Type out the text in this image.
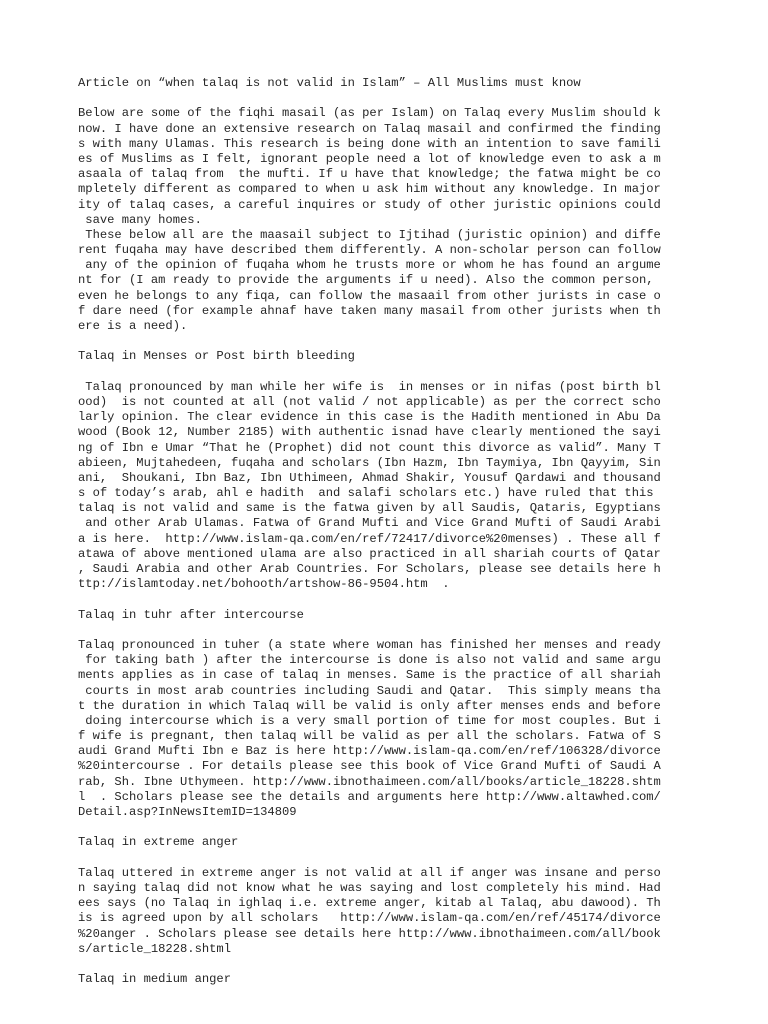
Article on “when talaq is not valid in Islam” – All Muslims must know
Below are some of the fiqhi masail (as per Islam) on Talaq every Muslim should k
now. I have done an extensive research on Talaq masail and confirmed the finding
s with many Ulamas. This research is being done with an intention to save famili
es of Muslims as I felt, ignorant people need a lot of knowledge even to ask a m
asaala of talaq from  the mufti. If u have that knowledge; the fatwa might be co
mpletely different as compared to when u ask him without any knowledge. In major
ity of talaq cases, a careful inquires or study of other juristic opinions could
save many homes.
These below all are the maasail subject to Ijtihad (juristic opinion) and diffe
rent fuqaha may have described them differently. A non-scholar person can follow
any of the opinion of fuqaha whom he trusts more or whom he has found an argume
nt for (I am ready to provide the arguments if u need). Also the common person,
even he belongs to any fiqa, can follow the masaail from other jurists in case o
f dare need (for example ahnaf have taken many masail from other jurists when th
ere is a need).
Talaq in Menses or Post birth bleeding
Talaq pronounced by man while her wife is  in menses or in nifas (post birth bl
ood)  is not counted at all (not valid / not applicable) as per the correct scho
larly opinion. The clear evidence in this case is the Hadith mentioned in Abu Da
wood (Book 12, Number 2185) with authentic isnad have clearly mentioned the sayi
ng of Ibn e Umar “That he (Prophet) did not count this divorce as valid”. Many T
abieen, Mujtahedeen, fuqaha and scholars (Ibn Hazm, Ibn Taymiya, Ibn Qayyim, Sin
ani,  Shoukani, Ibn Baz, Ibn Uthimeen, Ahmad Shakir, Yousuf Qardawi and thousand
s of today’s arab, ahl e hadith  and salafi scholars etc.) have ruled that this
talaq is not valid and same is the fatwa given by all Saudis, Qataris, Egyptians
and other Arab Ulamas. Fatwa of Grand Mufti and Vice Grand Mufti of Saudi Arabi
a is here.  http://www.islam-qa.com/en/ref/72417/divorce%20menses) . These all f
atawa of above mentioned ulama are also practiced in all shariah courts of Qatar
, Saudi Arabia and other Arab Countries. For Scholars, please see details here h
ttp://islamtoday.net/bohooth/artshow-86-9504.htm  .
Talaq in tuhr after intercourse
Talaq pronounced in tuher (a state where woman has finished her menses and ready
for taking bath ) after the intercourse is done is also not valid and same argu
ments applies as in case of talaq in menses. Same is the practice of all shariah
courts in most arab countries including Saudi and Qatar.  This simply means tha
t the duration in which Talaq will be valid is only after menses ends and before
doing intercourse which is a very small portion of time for most couples. But i
f wife is pregnant, then talaq will be valid as per all the scholars. Fatwa of S
audi Grand Mufti Ibn e Baz is here http://www.islam-qa.com/en/ref/106328/divorce
%20intercourse . For details please see this book of Vice Grand Mufti of Saudi A
rab, Sh. Ibne Uthymeen. http://www.ibnothaimeen.com/all/books/article_18228.shtm
l  . Scholars please see the details and arguments here http://www.altawhed.com/
Detail.asp?InNewsItemID=134809
Talaq in extreme anger
Talaq uttered in extreme anger is not valid at all if anger was insane and perso
n saying talaq did not know what he was saying and lost completely his mind. Had
ees says (no Talaq in ighlaq i.e. extreme anger, kitab al Talaq, abu dawood). Th
is is agreed upon by all scholars   http://www.islam-qa.com/en/ref/45174/divorce
%20anger . Scholars please see details here http://www.ibnothaimeen.com/all/book
s/article_18228.shtml
Talaq in medium anger
